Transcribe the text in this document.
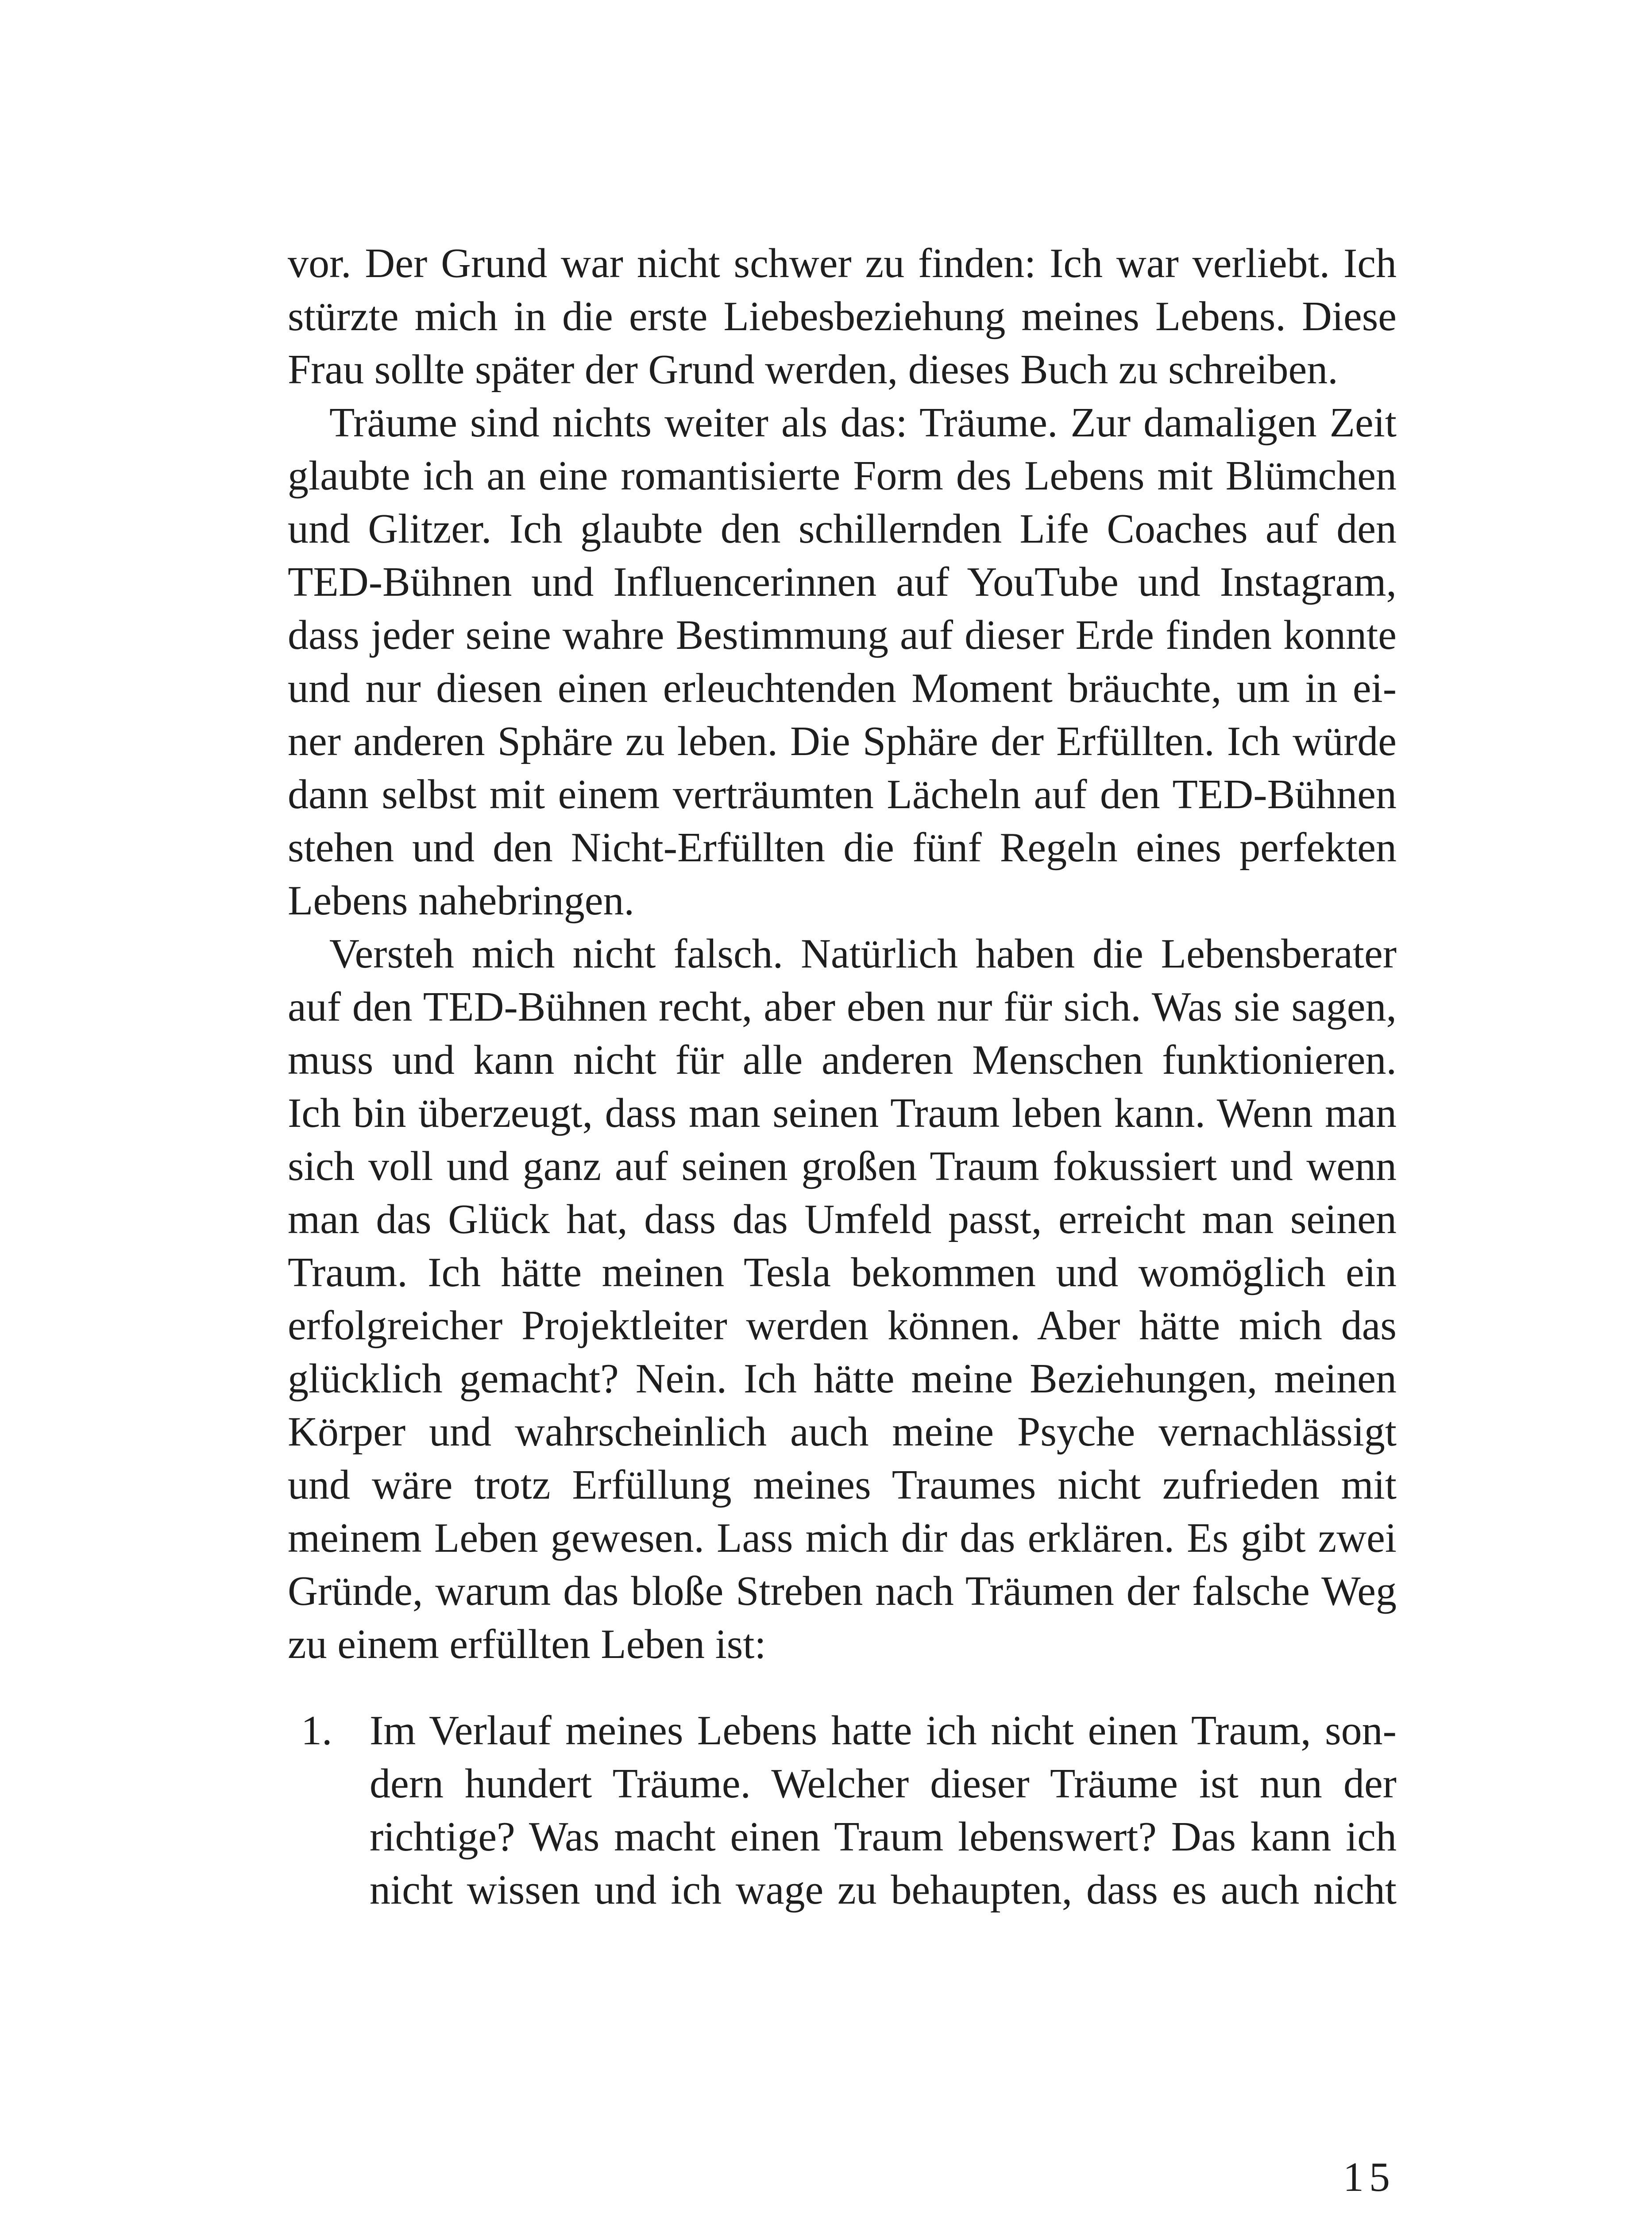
vor. Der Grund war nicht schwer zu finden: Ich war verliebt. Ich
stürzte mich in die erste Liebesbeziehung meines Lebens. Diese
Frau sollte später der Grund werden, dieses Buch zu schreiben.
Träume sind nichts weiter als das: Träume. Zur damaligen Zeit
glaubte ich an eine romantisierte Form des Lebens mit Blümchen
und Glitzer. Ich glaubte den schillernden Life Coaches auf den
TED-Bühnen und Influencerinnen auf YouTube und Instagram,
dass jeder seine wahre Bestimmung auf dieser Erde finden konnte
und nur diesen einen erleuchtenden Moment bräuchte, um in ei-
ner anderen Sphäre zu leben. Die Sphäre der Erfüllten. Ich würde
dann selbst mit einem verträumten Lächeln auf den TED-Bühnen
stehen und den Nicht-Erfüllten die fünf Regeln eines perfekten
Lebens nahebringen.
Versteh mich nicht falsch. Natürlich haben die Lebensberater
auf den TED-Bühnen recht, aber eben nur für sich. Was sie sagen,
muss und kann nicht für alle anderen Menschen funktionieren.
Ich bin überzeugt, dass man seinen Traum leben kann. Wenn man
sich voll und ganz auf seinen großen Traum fokussiert und wenn
man das Glück hat, dass das Umfeld passt, erreicht man seinen
Traum. Ich hätte meinen Tesla bekommen und womöglich ein
erfolgreicher Projektleiter werden können. Aber hätte mich das
glücklich gemacht? Nein. Ich hätte meine Beziehungen, meinen
Körper und wahrscheinlich auch meine Psyche vernachlässigt
und wäre trotz Erfüllung meines Traumes nicht zufrieden mit
meinem Leben gewesen. Lass mich dir das erklären. Es gibt zwei
Gründe, warum das bloße Streben nach Träumen der falsche Weg
zu einem erfüllten Leben ist:
1. Im Verlauf meines Lebens hatte ich nicht einen Traum, son-
dern hundert Träume. Welcher dieser Träume ist nun der
richtige? Was macht einen Traum lebenswert? Das kann ich
nicht wissen und ich wage zu behaupten, dass es auch nicht
15
